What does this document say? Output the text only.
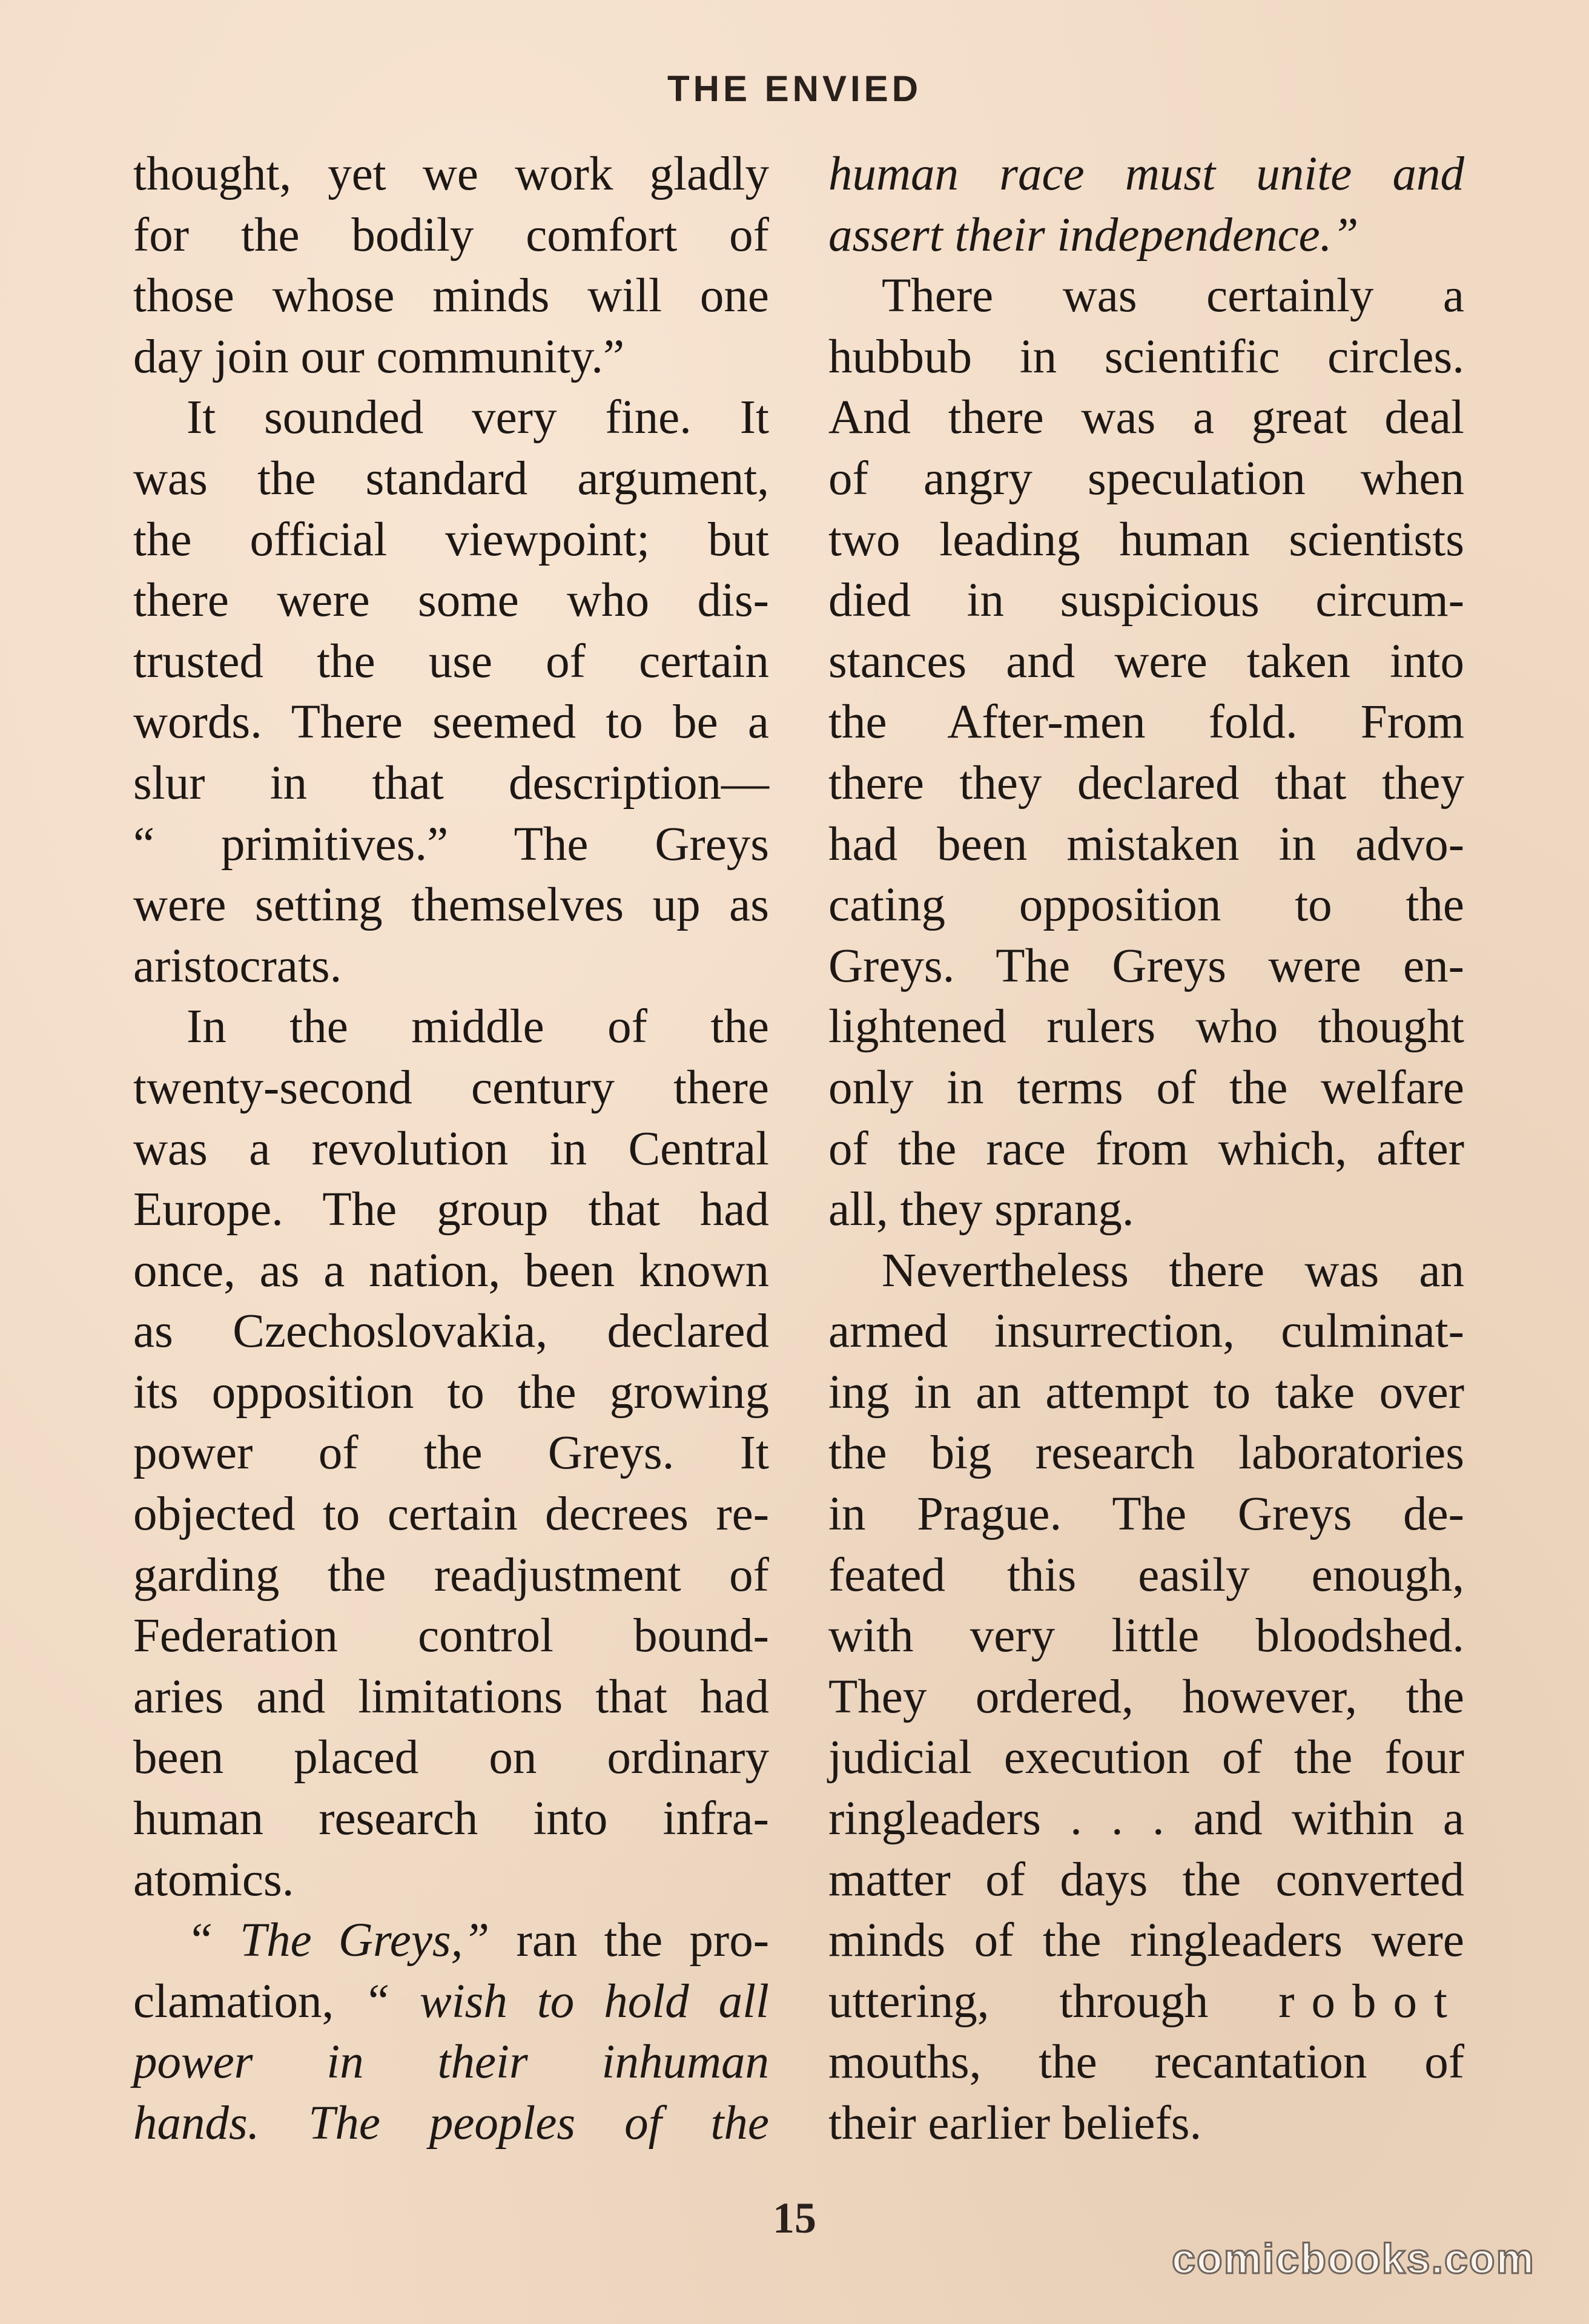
THE ENVIED
thought, yet we work gladly
for the bodily comfort of
those whose minds will one
day join our community.”
It sounded very fine. It
was the standard argument,
the official viewpoint; but
there were some who dis-
trusted the use of certain
words. There seemed to be a
slur in that description—
“ primitives.” The Greys
were setting themselves up as
aristocrats.
In the middle of the
twenty-second century there
was a revolution in Central
Europe. The group that had
once, as a nation, been known
as Czechoslovakia, declared
its opposition to the growing
power of the Greys. It
objected to certain decrees re-
garding the readjustment of
Federation control bound-
aries and limitations that had
been placed on ordinary
human research into infra-
atomics.
“ The Greys,” ran the pro-
clamation, “ wish to hold all
power in their inhuman
hands. The peoples of the
human race must unite and
assert their independence.”
There was certainly a
hubbub in scientific circles.
And there was a great deal
of angry speculation when
two leading human scientists
died in suspicious circum-
stances and were taken into
the After-men fold. From
there they declared that they
had been mistaken in advo-
cating opposition to the
Greys. The Greys were en-
lightened rulers who thought
only in terms of the welfare
of the race from which, after
all, they sprang.
Nevertheless there was an
armed insurrection, culminat-
ing in an attempt to take over
the big research laboratories
in Prague. The Greys de-
feated this easily enough,
with very little bloodshed.
They ordered, however, the
judicial execution of the four
ringleaders . . . and within a
matter of days the converted
minds of the ringleaders were
uttering, through robot
mouths, the recantation of
their earlier beliefs.
15
comicbooks.com
